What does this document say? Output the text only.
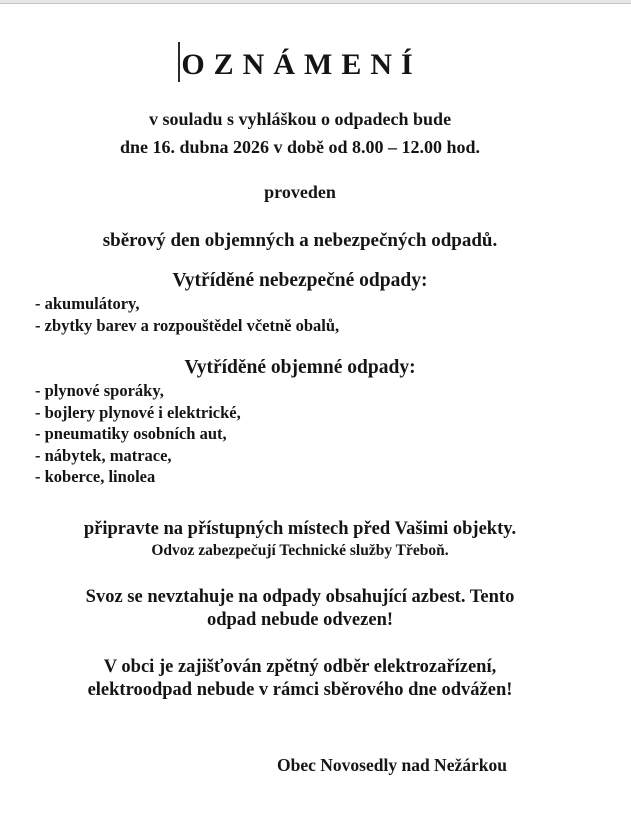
OZNÁMENÍ
v souladu s vyhláškou o odpadech bude
dne 16. dubna 2026 v době od 8.00 – 12.00 hod.
proveden
sběrový den objemných a nebezpečných odpadů.
Vytříděné nebezpečné odpady:
- akumulátory,
- zbytky barev a rozpouštědel včetně obalů,
Vytříděné objemné odpady:
- plynové sporáky,
- bojlery plynové i elektrické,
- pneumatiky osobních aut,
- nábytek, matrace,
- koberce, linolea
připravte na přístupných místech před Vašimi objekty.
Odvoz zabezpečují Technické služby Třeboň.
Svoz se nevztahuje na odpady obsahující azbest. Tento
odpad nebude odvezen!
V obci je zajišťován zpětný odběr elektrozařízení,
elektroodpad nebude v rámci sběrového dne odvážen!
Obec Novosedly nad Nežárkou
